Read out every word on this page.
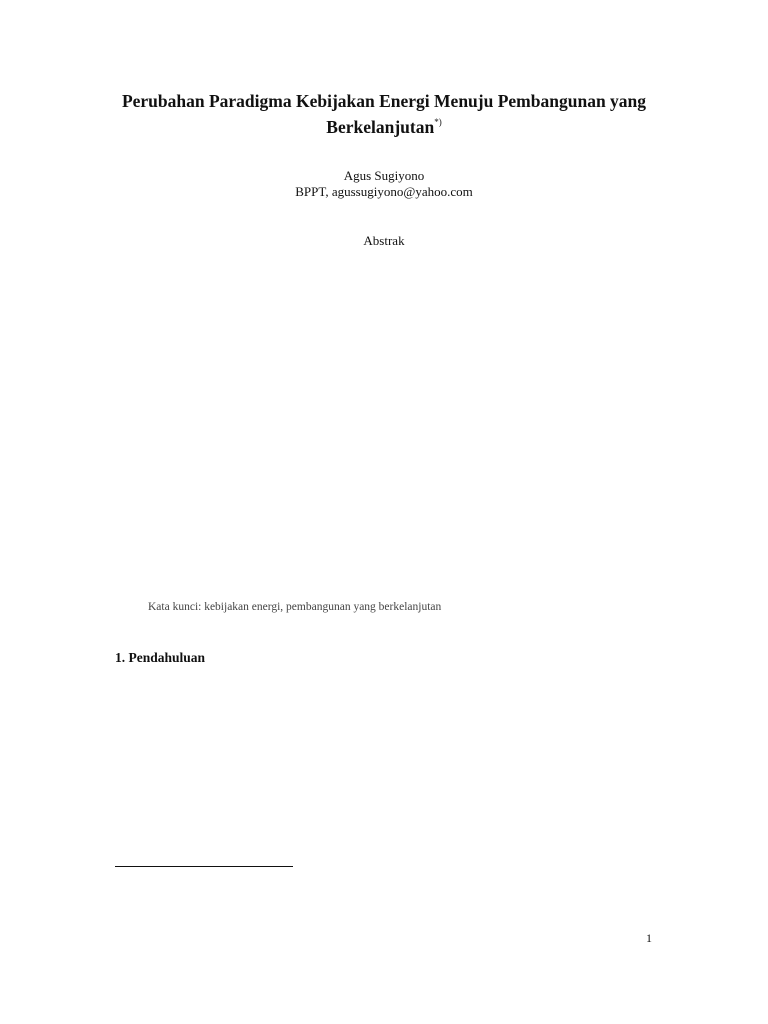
Perubahan Paradigma Kebijakan Energi Menuju Pembangunan yang Berkelanjutan*)
Agus Sugiyono
BPPT, agussugiyono@yahoo.com
Abstrak
Kata kunci: kebijakan energi, pembangunan yang berkelanjutan
1. Pendahuluan
1
